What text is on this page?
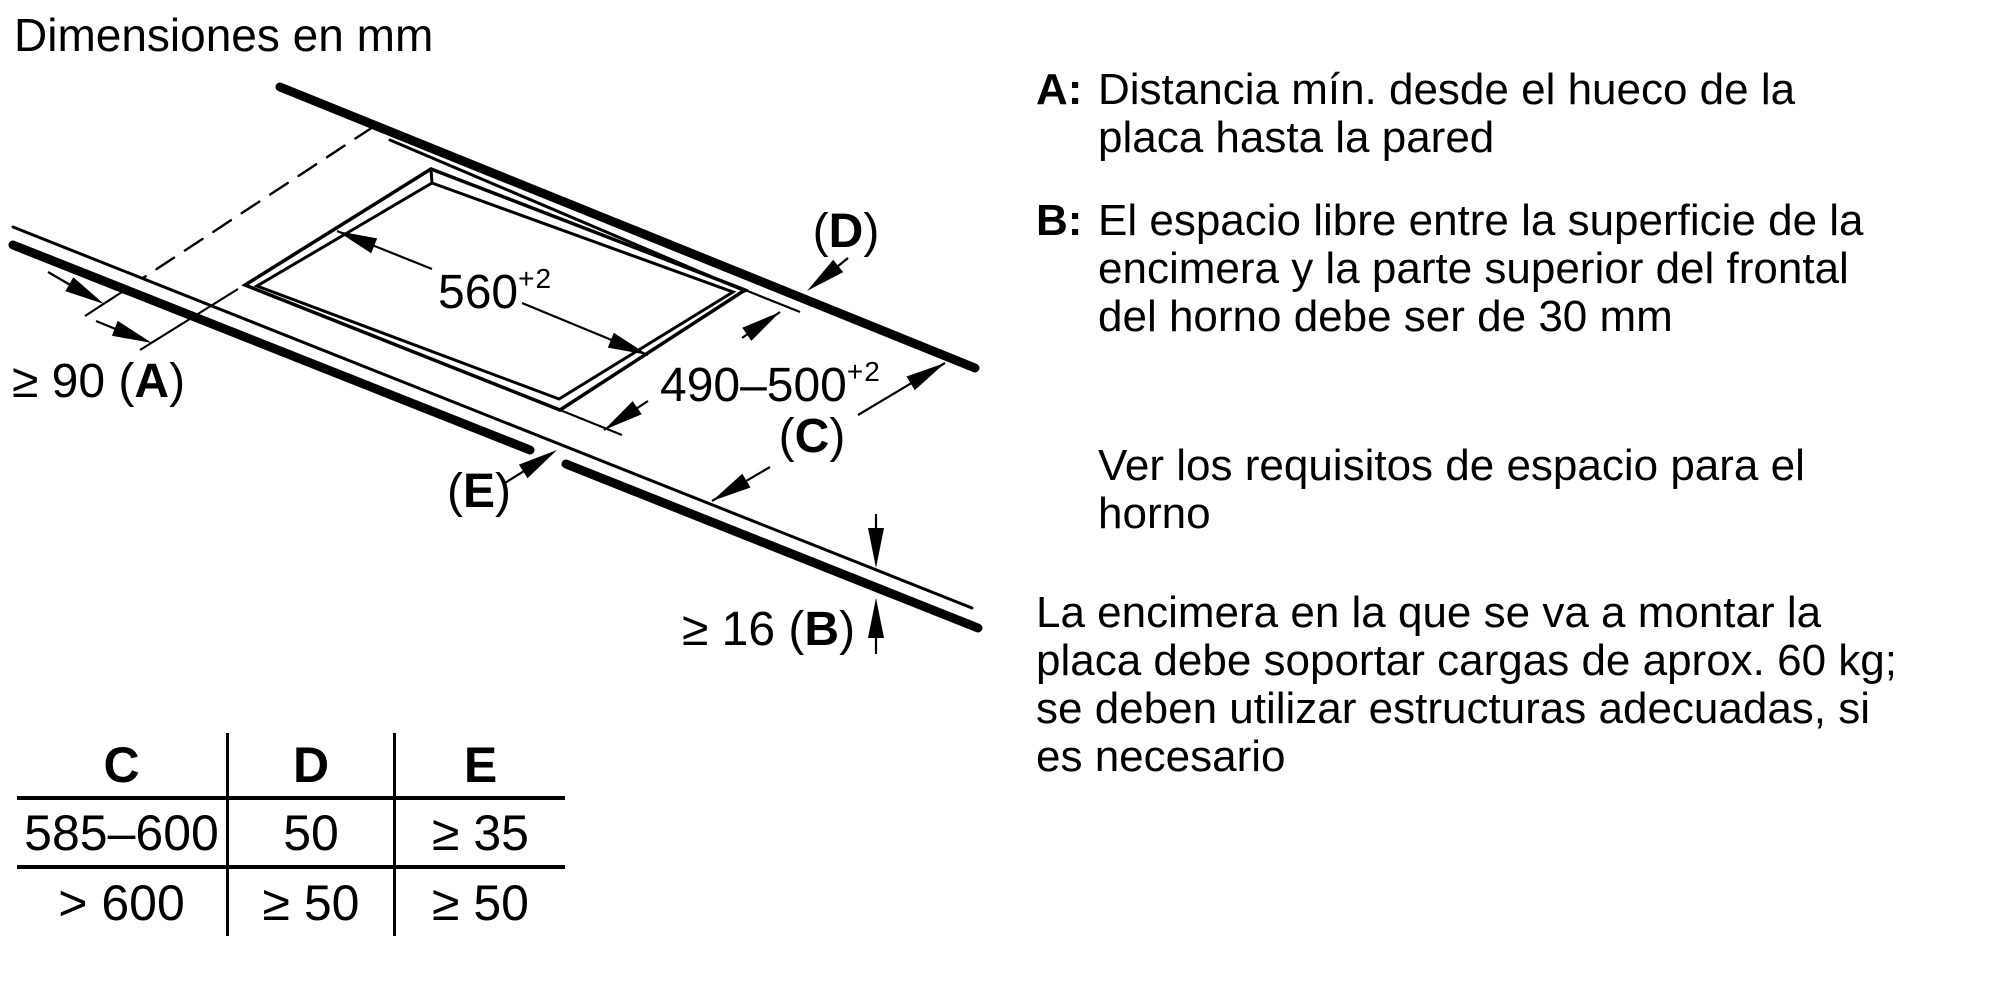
Dimensiones en mm
$560^{+2}$
$490-500^{+2}$
≥ 90 (A)
≥ 16 (B)
(D)
(C)
(E)
A: Distancia mín. desde el hueco de la
placa hasta la pared
B: El espacio libre entre la superficie de la
encimera y la parte superior del frontal
del horno debe ser de 30 mm
Ver los requisitos de espacio para el
horno
La encimera en la que se va a montar la
placa debe soportar cargas de aprox. 60 kg;
se deben utilizar estructuras adecuadas, si
es necesario
C	D	E
585–600	50	≥ 35
> 600	≥ 50	≥ 50
